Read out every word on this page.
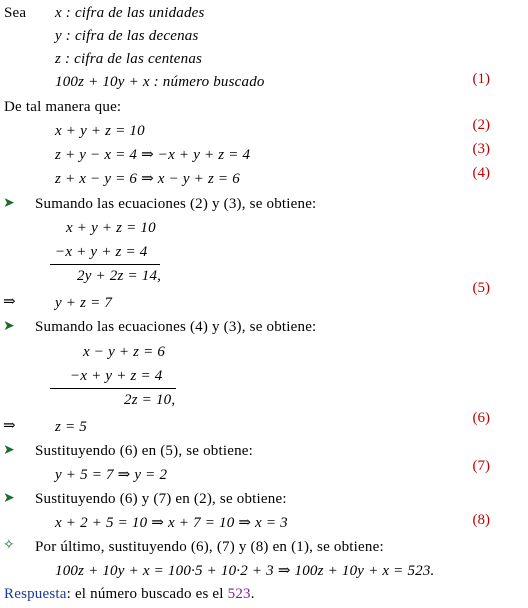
Sea x : cifra de las unidades
y : cifra de las decenas
z : cifra de las centenas
100z + 10y + x : número buscado	(1)
De tal manera que:
x + y + z = 10	(2)
z + y − x = 4 ⇒ −x + y + z = 4	(3)
z + x − y = 6 ⇒ x − y + z = 6	(4)
➤ Sumando las ecuaciones (2) y (3), se obtiene:
x + y + z = 10
−x + y + z = 4
2y + 2z = 14,
⇒	y + z = 7
(5)
➤ Sumando las ecuaciones (4) y (3), se obtiene:
x − y + z = 6
−x + y + z = 4
2z = 10,
⇒	z = 5
(6)
➤ Sustituyendo (6) en (5), se obtiene:
y + 5 = 7 ⇒ y = 2
(7)
➤ Sustituyendo (6) y (7) en (2), se obtiene:
x + 2 + 5 = 10 ⇒ x + 7 = 10 ⇒ x = 3	(8)
✧ Por último, sustituyendo (6), (7) y (8) en (1), se obtiene:
100z + 10y + x = 100·5 + 10·2 + 3 ⇒ 100z + 10y + x = 523.
Respuesta: el número buscado es el 523.
